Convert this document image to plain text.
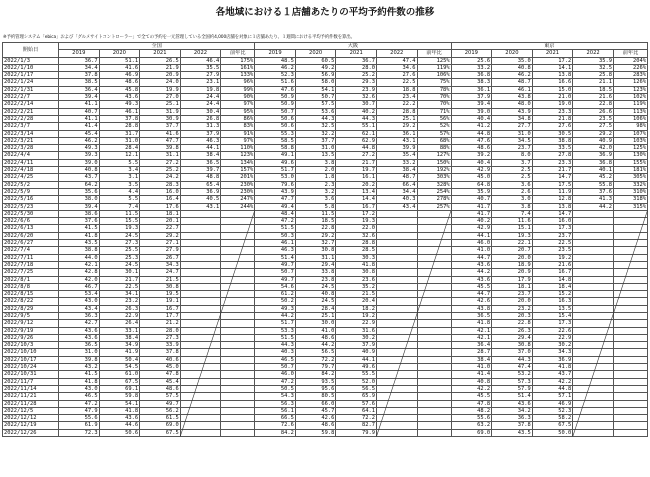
各地域における１店舗あたりの平均予約件数の推移
※予約管理システム「ebica」および「グルメサイトコントローラー」で全ての予約を一元管理している全国約4,000店舗を対象に１店舗あたり、１週間における平均予約件数を算出。
開始日	全国					大阪					東京				
	2019	2020	2021	2022	前年比	2019	2020	2021	2022	前年比	2019	2020	2021	2022	前年比
2022/1/3	36.7	51.1	26.5	46.4	175%	48.5	60.5	36.7	47.4	125%	25.6	35.0	17.2	35.9	204%
2022/1/10	34.4	41.6	21.9	35.5	161%	46.2	49.2	28.0	34.6	119%	33.2	40.8	14.1	32.5	226%
2022/1/17	37.8	46.9	20.9	27.9	133%	52.3	56.9	25.2	27.6	106%	36.8	46.2	13.8	25.8	283%
2022/1/24	38.5	48.6	24.0	23.1	96%	51.6	58.0	29.3	22.5	75%	38.3	48.7	16.6	21.1	126%
2022/1/31	36.4	45.8	19.9	19.8	99%	47.6	54.1	23.9	18.8	78%	36.1	46.1	15.0	18.5	123%
2022/2/7	39.4	43.6	27.0	24.4	90%	50.9	50.7	32.6	23.4	70%	37.9	43.8	21.0	21.6	102%
2022/2/14	41.1	49.3	25.1	24.4	97%	50.9	57.5	30.7	22.2	70%	39.4	48.0	19.0	22.8	119%
2022/2/21	40.7	46.1	31.9	30.4	95%	50.7	53.6	40.2	28.8	71%	39.0	43.9	23.3	26.6	113%
2022/2/28	41.1	37.8	30.9	26.8	86%	50.6	44.3	44.3	25.1	56%	40.4	34.8	21.8	23.5	106%
2022/3/7	41.4	28.8	37.7	31.3	83%	50.6	32.5	55.1	29.2	52%	41.2	27.7	27.6	27.5	98%
2022/3/14	45.4	31.7	41.6	37.9	91%	55.3	32.2	62.1	36.1	57%	44.8	31.0	30.5	29.2	107%
2022/3/21	46.2	31.0	47.7	46.3	97%	58.5	37.7	62.9	43.1	68%	47.6	34.5	38.8	40.9	103%
2022/3/28	49.3	28.4	39.8	44.1	110%	58.8	31.0	44.8	39.9	88%	48.6	23.7	33.5	42.0	125%
2022/4/4	39.3	12.1	31.1	38.4	123%	49.1	13.5	27.2	35.4	127%	39.2	8.0	27.8	36.9	130%
2022/4/11	39.0	5.5	27.2	36.5	134%	49.6	3.8	21.7	33.2	150%	40.4	3.7	23.3	36.8	155%
2022/4/18	40.8	3.4	25.2	39.7	157%	51.7	2.0	19.7	38.4	192%	42.9	2.5	21.7	40.1	181%
2022/4/25	43.7	3.1	24.2	48.8	201%	53.0	1.8	16.1	48.7	303%	45.0	2.5	14.7	45.2	305%
2022/5/2	64.2	3.5	28.3	65.4	230%	79.6	2.3	20.2	66.4	328%	64.8	3.6	17.5	55.8	332%
2022/5/9	35.6	4.4	16.0	36.9	230%	43.9	3.2	13.4	34.4	254%	35.9	2.6	11.9	37.6	310%
2022/5/16	38.0	5.5	16.4	40.5	247%	47.7	3.6	14.4	40.3	278%	40.7	3.0	12.8	41.3	318%
2022/5/23	39.4	7.4	17.6	43.1	244%	49.4	5.8	16.7	43.4	257%	41.7	3.8	13.8	44.2	315%
2022/5/30	38.6	11.5	18.1			48.4	11.5	17.2			41.7	7.4	14.7		
2022/6/6	37.6	15.5	20.1			47.2	18.5	19.3			40.2	11.6	16.0		
2022/6/13	41.5	19.3	22.7			51.5	22.8	22.0			42.9	15.1	17.3		
2022/6/20	41.8	24.5	29.2			50.3	29.2	32.6			44.1	19.3	23.7		
2022/6/27	43.5	27.3	27.1			46.1	32.7	28.8			46.0	22.1	22.5		
2022/7/4	38.8	25.5	27.9			46.3	30.8	28.5			41.0	20.7	23.5		
2022/7/11	44.0	25.3	26.7			51.4	31.1	30.3			44.7	20.0	19.2		
2022/7/18	42.1	24.5	34.3			49.7	29.4	41.8			43.6	18.9	21.6		
2022/7/25	42.8	30.1	24.7			50.7	33.8	30.8			44.2	20.9	16.7		
2022/8/1	42.0	21.7	21.5			49.7	23.8	23.6			43.6	17.9	14.8		
2022/8/8	46.7	22.5	30.8			54.6	24.5	35.2			45.5	18.1	18.4		
2022/8/15	53.4	34.1	19.5			61.2	40.8	21.5			44.7	23.7	15.2		
2022/8/22	43.0	23.2	19.1			50.2	24.5	20.4			42.6	20.0	16.3		
2022/8/29	43.4	26.3	16.7			49.3	28.4	18.2			43.8	23.2	13.5		
2022/9/5	36.3	22.9	17.7			44.2	25.1	19.2			36.5	20.3	15.4		
2022/9/12	42.7	26.4	21.2			51.7	30.0	22.9			41.8	22.8	17.3		
2022/9/19	43.6	33.1	28.0			53.3	41.0	31.6			42.1	26.3	22.6		
2022/9/26	43.6	38.4	27.3			51.5	48.6	30.2			42.1	29.4	22.9		
2022/10/3	36.5	34.9	33.9			44.3	44.2	37.9			36.4	30.8	30.2		
2022/10/10	31.0	41.9	37.8			40.3	56.5	40.9			28.7	37.0	34.3		
2022/10/17	39.8	50.4	40.6			46.5	72.2	44.1			38.4	44.3	36.9		
2022/10/24	43.2	54.5	45.0			50.7	79.7	49.6			41.0	47.4	41.8		
2022/10/31	41.5	61.0	47.8			46.0	84.2	55.5			41.4	53.2	43.7		
2022/11/7	41.8	67.5	45.4			47.2	93.5	52.0			40.8	57.3	42.2		
2022/11/14	43.0	69.1	48.6			50.5	95.6	56.5			42.2	57.9	44.8		
2022/11/21	46.5	59.8	57.5			54.3	80.5	65.9			45.5	51.4	57.1		
2022/11/28	47.2	54.1	49.7			56.3	66.0	57.6			47.8	43.6	46.9		
2022/12/5	47.9	41.8	56.2			56.1	45.7	64.1			48.2	34.2	52.3		
2022/12/12	55.6	43.6	61.5			66.5	42.6	72.2			55.6	36.3	58.2		
2022/12/19	61.9	44.6	69.0			72.6	48.6	82.7			63.2	37.8	67.5		
2022/12/26	72.3	50.6	67.5			84.2	59.8	79.9			69.0	43.5	50.0		
